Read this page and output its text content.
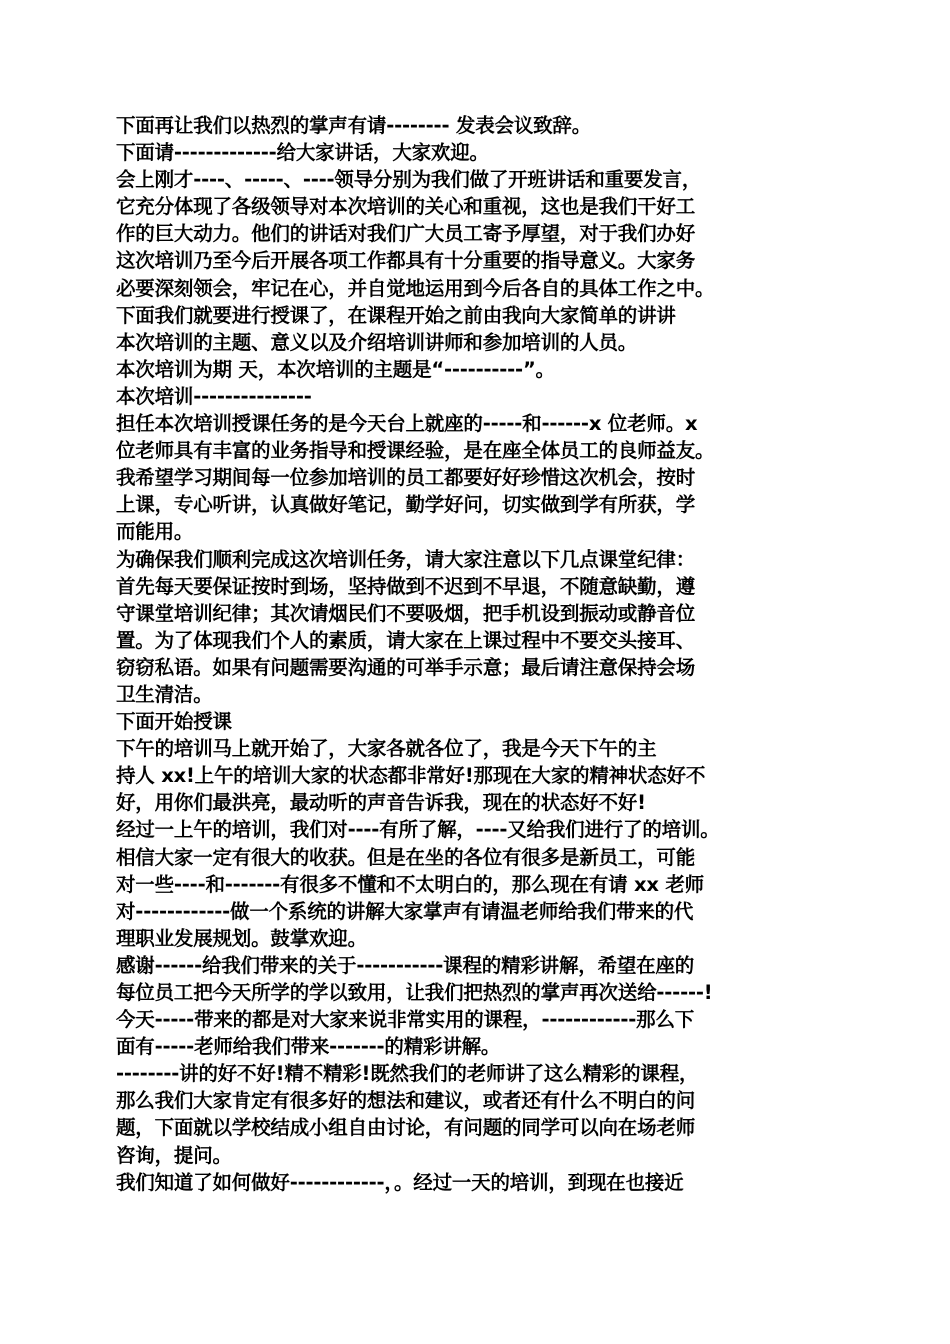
下面再让我们以热烈的掌声有请-------- 发表会议致辞。
下面请-------------给大家讲话，大家欢迎。
会上刚才----、-----、----领导分别为我们做了开班讲话和重要发言，
它充分体现了各级领导对本次培训的关心和重视，这也是我们干好工
作的巨大动力。他们的讲话对我们广大员工寄予厚望，对于我们办好
这次培训乃至今后开展各项工作都具有十分重要的指导意义。大家务
必要深刻领会，牢记在心，并自觉地运用到今后各自的具体工作之中。
下面我们就要进行授课了，在课程开始之前由我向大家简单的讲讲
本次培训的主题、意义以及介绍培训讲师和参加培训的人员。
本次培训为期 天，本次培训的主题是“----------”。
本次培训---------------
担任本次培训授课任务的是今天台上就座的-----和------x 位老师。x
位老师具有丰富的业务指导和授课经验，是在座全体员工的良师益友。
我希望学习期间每一位参加培训的员工都要好好珍惜这次机会，按时
上课，专心听讲，认真做好笔记，勤学好问，切实做到学有所获，学
而能用。
为确保我们顺利完成这次培训任务，请大家注意以下几点课堂纪律：
首先每天要保证按时到场，坚持做到不迟到不早退，不随意缺勤，遵
守课堂培训纪律；其次请烟民们不要吸烟，把手机设到振动或静音位
置。为了体现我们个人的素质，请大家在上课过程中不要交头接耳、
窃窃私语。如果有问题需要沟通的可举手示意；最后请注意保持会场
卫生清洁。
下面开始授课
下午的培训马上就开始了，大家各就各位了，我是今天下午的主
持人 xx!上午的培训大家的状态都非常好!那现在大家的精神状态好不
好，用你们最洪亮，最动听的声音告诉我，现在的状态好不好!
经过一上午的培训，我们对----有所了解，----又给我们进行了的培训。
相信大家一定有很大的收获。但是在坐的各位有很多是新员工，可能
对一些----和-------有很多不懂和不太明白的，那么现在有请 xx 老师
对------------做一个系统的讲解大家掌声有请温老师给我们带来的代
理职业发展规划。鼓掌欢迎。
感谢------给我们带来的关于-----------课程的精彩讲解，希望在座的
每位员工把今天所学的学以致用，让我们把热烈的掌声再次送给------!
今天-----带来的都是对大家来说非常实用的课程，------------那么下
面有-----老师给我们带来-------的精彩讲解。
--------讲的好不好!精不精彩!既然我们的老师讲了这么精彩的课程，
那么我们大家肯定有很多好的想法和建议，或者还有什么不明白的问
题，下面就以学校结成小组自由讨论，有问题的同学可以向在场老师
咨询，提问。
我们知道了如何做好------------，。经过一天的培训，到现在也接近
